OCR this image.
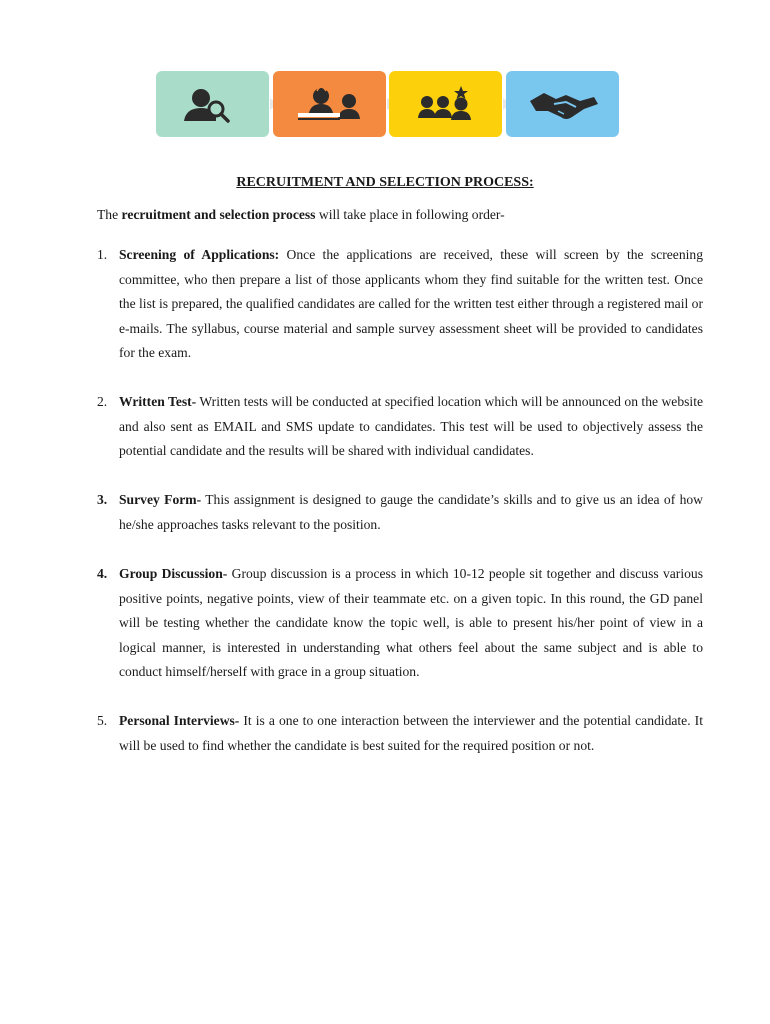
RECRUITMENT AND SELECTION PROCESS:
The recruitment and selection process will take place in following order-
1. Screening of Applications: Once the applications are received, these will screen by the screening committee, who then prepare a list of those applicants whom they find suitable for the written test. Once the list is prepared, the qualified candidates are called for the written test either through a registered mail or e-mails. The syllabus, course material and sample survey assessment sheet will be provided to candidates for the exam.
2. Written Test- Written tests will be conducted at specified location which will be announced on the website and also sent as EMAIL and SMS update to candidates. This test will be used to objectively assess the potential candidate and the results will be shared with individual candidates.
3. Survey Form- This assignment is designed to gauge the candidate’s skills and to give us an idea of how he/she approaches tasks relevant to the position.
4. Group Discussion- Group discussion is a process in which 10-12 people sit together and discuss various positive points, negative points, view of their teammate etc. on a given topic. In this round, the GD panel will be testing whether the candidate know the topic well, is able to present his/her point of view in a logical manner, is interested in understanding what others feel about the same subject and is able to conduct himself/herself with grace in a group situation.
5. Personal Interviews- It is a one to one interaction between the interviewer and the potential candidate. It will be used to find whether the candidate is best suited for the required position or not.
